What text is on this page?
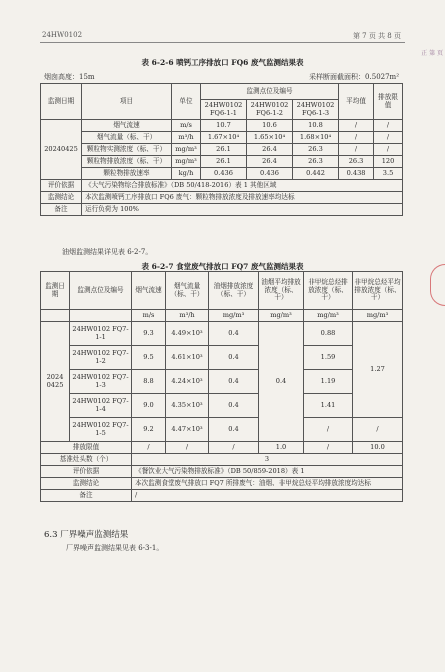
24HW0102	第 7 页 共 8 页
正 第 页
表 6-2-6 喷钙工序排放口 FQ6 废气监测结果表
烟囱高度：15m	采样断面截面积：0.5027m²
监测日期	项目	单位	监测点位及编号			平均值	排放限值
			24HW0102 FQ6-1-1	24HW0102 FQ6-1-2	24HW0102 FQ6-1-3		
20240425	烟气流速	m/s	10.7	10.6	10.8	/	/
	烟气流量（标、干）	m³/h	1.67×10⁴	1.65×10⁴	1.68×10⁴	/	/
	颗粒物实测浓度（标、干）	mg/m³	26.1	26.4	26.3	/	/
	颗粒物排放浓度（标、干）	mg/m³	26.1	26.4	26.3	26.3	120
	颗粒物排放速率	kg/h	0.436	0.436	0.442	0.438	3.5
评价依据	《大气污染物综合排放标准》（DB 50/418-2016）表 1 其他区域						
监测结论	本次监测喷钙工序排放口 FQ6 废气：颗粒物排放浓度及排放速率均达标						
备注	运行负荷为 100%						
油烟监测结果详见表 6-2-7。
表 6-2-7 食堂废气排放口 FQ7 废气监测结果表
监测日期	监测点位及编号	烟气流速	烟气流量（标、干）	油烟排放浓度（标、干）	油烟平均排放浓度（标、干）	非甲烷总烃排放浓度（标、干）	非甲烷总烃平均排放浓度（标、干）
		m/s	m³/h	mg/m³	mg/m³	mg/m³	mg/m³
2024 0425	24HW0102 FQ7-1-1	9.3	4.49×10³	0.4	0.4	0.88	1.27
	24HW0102 FQ7-1-2	9.5	4.61×10³	0.4		1.59	
	24HW0102 FQ7-1-3	8.8	4.24×10³	0.4		1.19	
	24HW0102 FQ7-1-4	9.0	4.35×10³	0.4		1.41	
	24HW0102 FQ7-1-5	9.2	4.47×10³	0.4		/	/
排放限值		/	/	/	1.0	/	10.0
基准灶头数（个）		3					
评价依据		《餐饮业大气污染物排放标准》（DB 50/859-2018）表 1					
监测结论		本次监测食堂废气排放口 FQ7 所排废气：油烟、非甲烷总烃平均排放浓度均达标					
备注		/					
6.3 厂界噪声监测结果
厂界噪声监测结果见表 6-3-1。
